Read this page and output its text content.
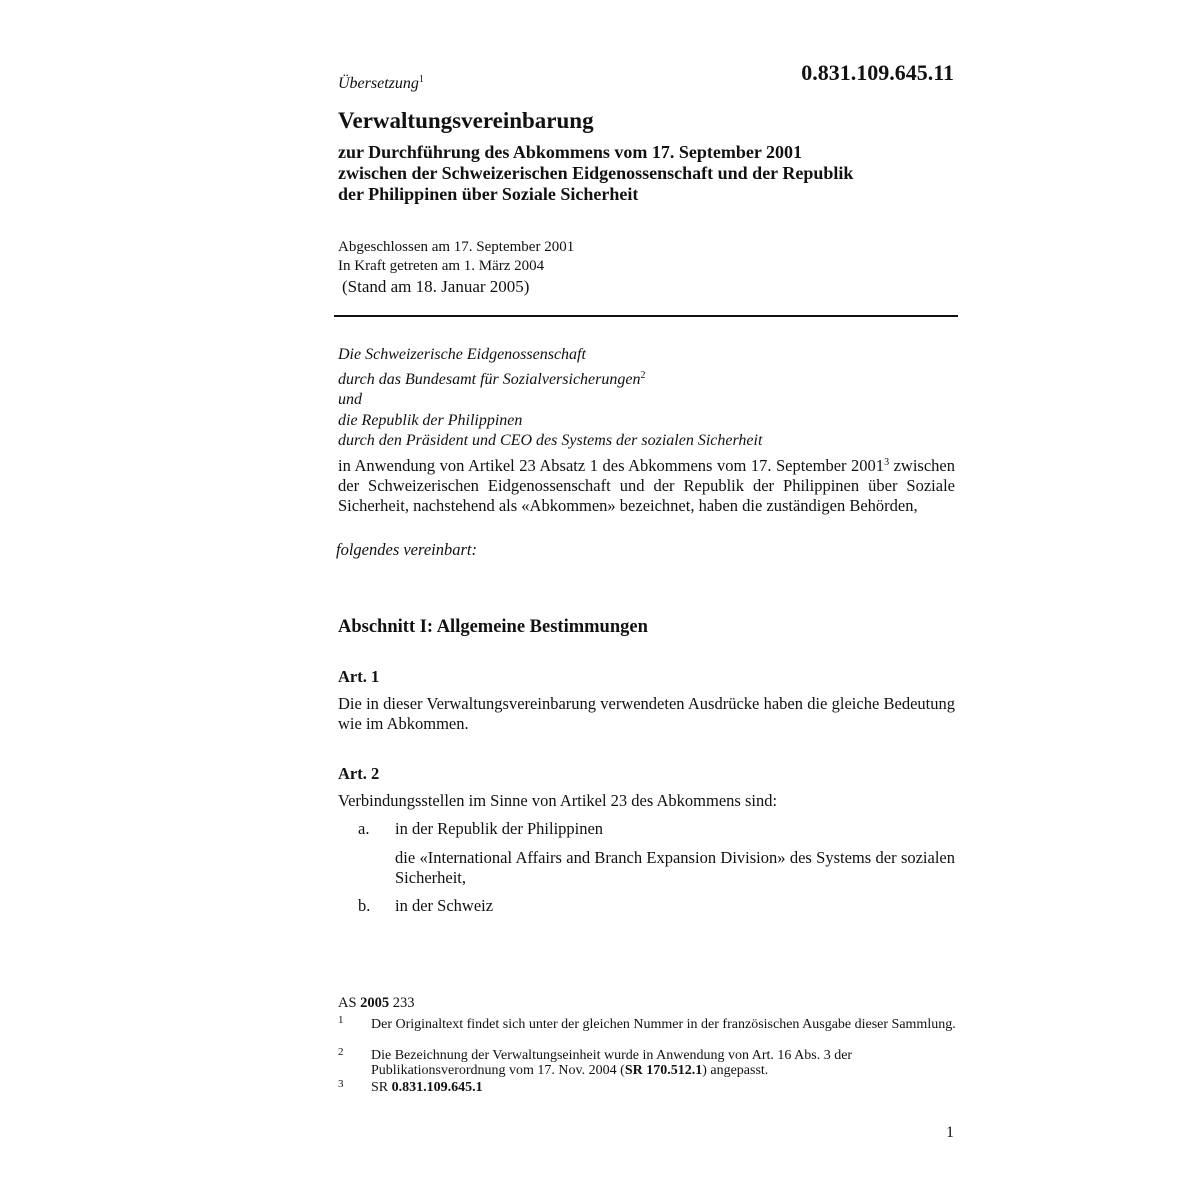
Übersetzung$^1$	0.831.109.645.11
Verwaltungsvereinbarung
zur Durchführung des Abkommens vom 17. September 2001
zwischen der Schweizerischen Eidgenossenschaft und der Republik
der Philippinen über Soziale Sicherheit
Abgeschlossen am 17. September 2001
In Kraft getreten am 1. März 2004
(Stand am 18. Januar 2005)
Die Schweizerische Eidgenossenschaft
durch das Bundesamt für Sozialversicherungen$^2$
und
die Republik der Philippinen
durch den Präsident und CEO des Systems der sozialen Sicherheit
in Anwendung von Artikel 23 Absatz 1 des Abkommens vom 17. September 2001$^3$ zwischen der Schweizerischen Eidgenossenschaft und der Republik der Philippinen über Soziale Sicherheit, nachstehend als «Abkommen» bezeichnet, haben die zuständigen Behörden,
folgendes vereinbart:
Abschnitt I: Allgemeine Bestimmungen
Art. 1
Die in dieser Verwaltungsvereinbarung verwendeten Ausdrücke haben die gleiche Bedeutung wie im Abkommen.
Art. 2
Verbindungsstellen im Sinne von Artikel 23 des Abkommens sind:
a. in der Republik der Philippinen
die «International Affairs and Branch Expansion Division» des Systems der sozialen Sicherheit,
b. in der Schweiz
AS 2005 233
1 Der Originaltext findet sich unter der gleichen Nummer in der französischen Ausgabe dieser Sammlung.
2 Die Bezeichnung der Verwaltungseinheit wurde in Anwendung von Art. 16 Abs. 3 der Publikationsverordnung vom 17. Nov. 2004 (SR 170.512.1) angepasst.
3 SR 0.831.109.645.1
1
